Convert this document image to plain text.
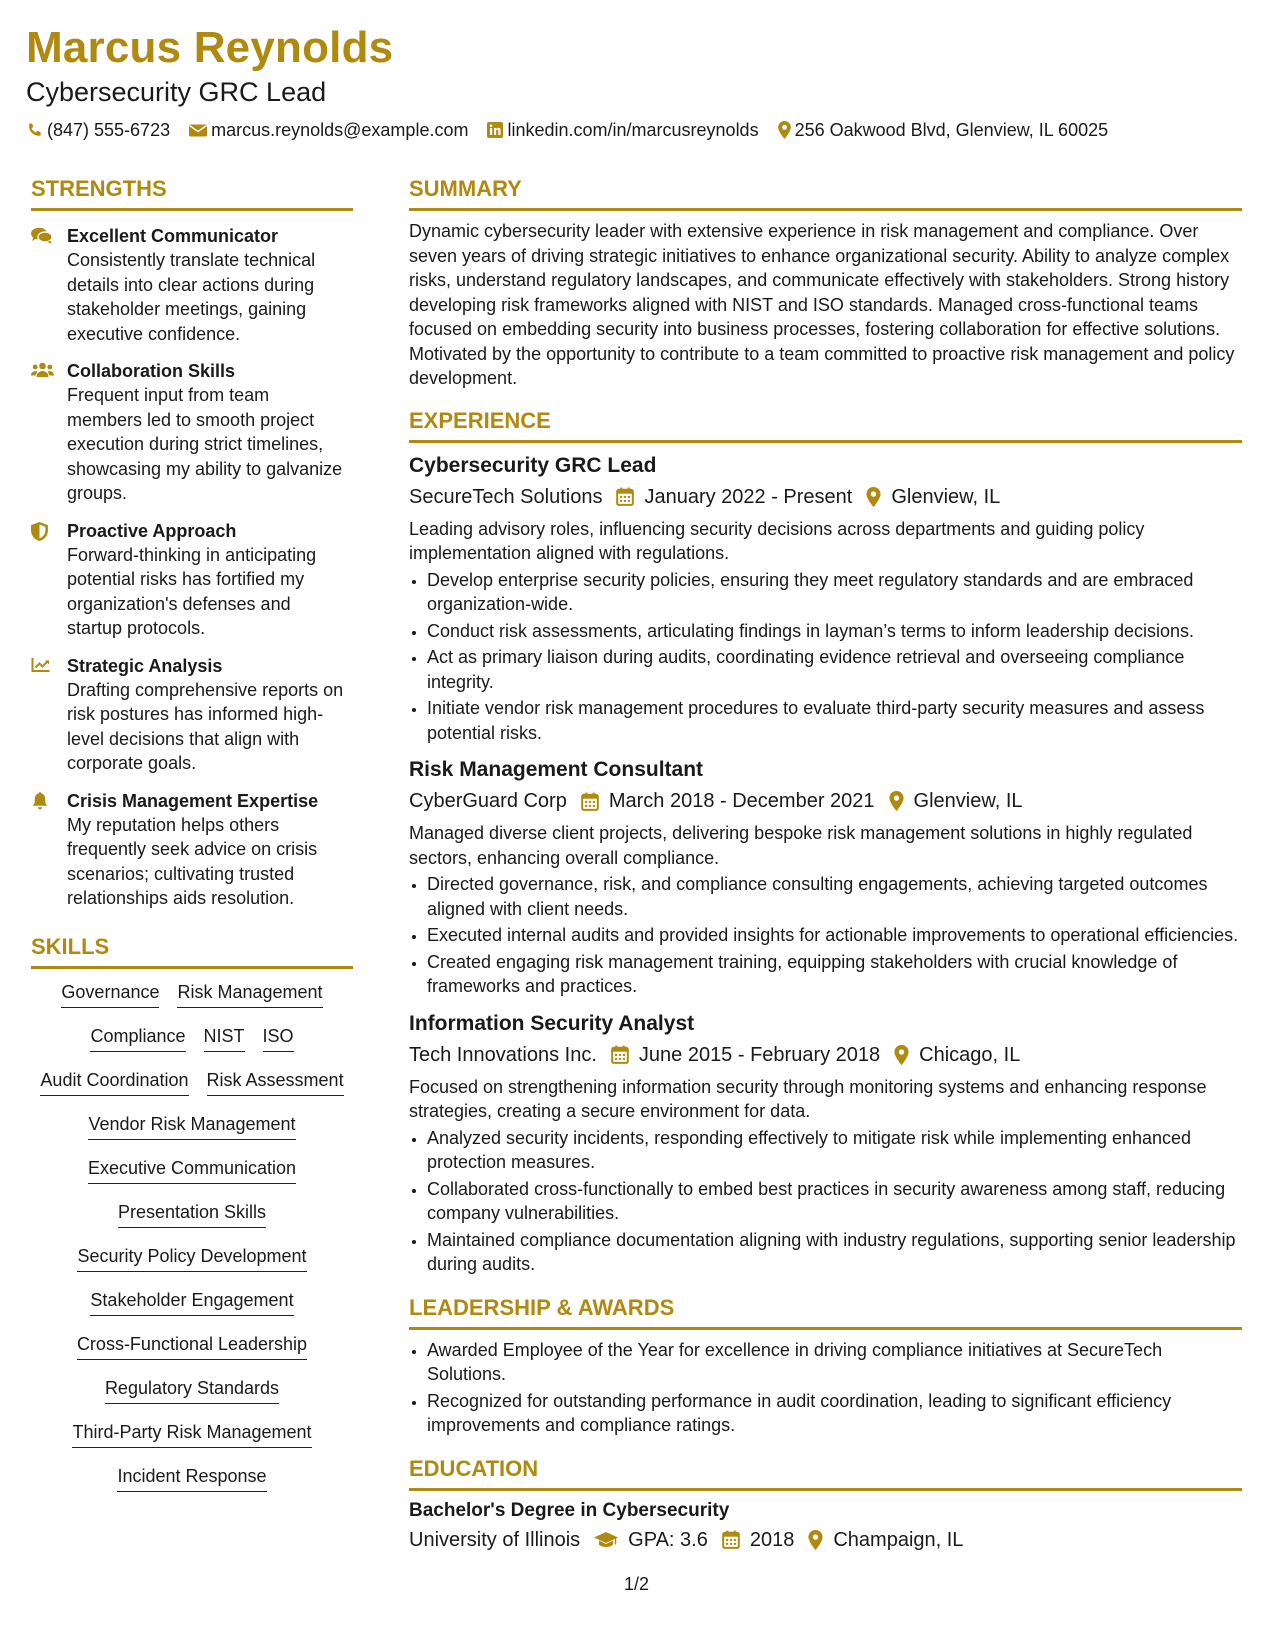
Marcus Reynolds
Cybersecurity GRC Lead
(847) 555-6723 marcus.reynolds@example.com linkedin.com/in/marcusreynolds 256 Oakwood Blvd, Glenview, IL 60025
STRENGTHS
Excellent Communicator
Consistently translate technical details into clear actions during stakeholder meetings, gaining executive confidence.
Collaboration Skills
Frequent input from team members led to smooth project execution during strict timelines, showcasing my ability to galvanize groups.
Proactive Approach
Forward-thinking in anticipating potential risks has fortified my organization's defenses and startup protocols.
Strategic Analysis
Drafting comprehensive reports on risk postures has informed high-level decisions that align with corporate goals.
Crisis Management Expertise
My reputation helps others frequently seek advice on crisis scenarios; cultivating trusted relationships aids resolution.
SKILLS
Governance Risk Management
Compliance NIST ISO
Audit Coordination Risk Assessment
Vendor Risk Management
Executive Communication
Presentation Skills
Security Policy Development
Stakeholder Engagement
Cross-Functional Leadership
Regulatory Standards
Third-Party Risk Management
Incident Response
SUMMARY
Dynamic cybersecurity leader with extensive experience in risk management and compliance. Over seven years of driving strategic initiatives to enhance organizational security. Ability to analyze complex risks, understand regulatory landscapes, and communicate effectively with stakeholders. Strong history developing risk frameworks aligned with NIST and ISO standards. Managed cross-functional teams focused on embedding security into business processes, fostering collaboration for effective solutions. Motivated by the opportunity to contribute to a team committed to proactive risk management and policy development.
EXPERIENCE
Cybersecurity GRC Lead
SecureTech Solutions January 2022 - Present Glenview, IL
Leading advisory roles, influencing security decisions across departments and guiding policy implementation aligned with regulations.
• Develop enterprise security policies, ensuring they meet regulatory standards and are embraced organization-wide.
• Conduct risk assessments, articulating findings in layman’s terms to inform leadership decisions.
• Act as primary liaison during audits, coordinating evidence retrieval and overseeing compliance integrity.
• Initiate vendor risk management procedures to evaluate third-party security measures and assess potential risks.
Risk Management Consultant
CyberGuard Corp March 2018 - December 2021 Glenview, IL
Managed diverse client projects, delivering bespoke risk management solutions in highly regulated sectors, enhancing overall compliance.
• Directed governance, risk, and compliance consulting engagements, achieving targeted outcomes aligned with client needs.
• Executed internal audits and provided insights for actionable improvements to operational efficiencies.
• Created engaging risk management training, equipping stakeholders with crucial knowledge of frameworks and practices.
Information Security Analyst
Tech Innovations Inc. June 2015 - February 2018 Chicago, IL
Focused on strengthening information security through monitoring systems and enhancing response strategies, creating a secure environment for data.
• Analyzed security incidents, responding effectively to mitigate risk while implementing enhanced protection measures.
• Collaborated cross-functionally to embed best practices in security awareness among staff, reducing company vulnerabilities.
• Maintained compliance documentation aligning with industry regulations, supporting senior leadership during audits.
LEADERSHIP & AWARDS
• Awarded Employee of the Year for excellence in driving compliance initiatives at SecureTech Solutions.
• Recognized for outstanding performance in audit coordination, leading to significant efficiency improvements and compliance ratings.
EDUCATION
Bachelor's Degree in Cybersecurity
University of Illinois GPA: 3.6 2018 Champaign, IL
1/2
